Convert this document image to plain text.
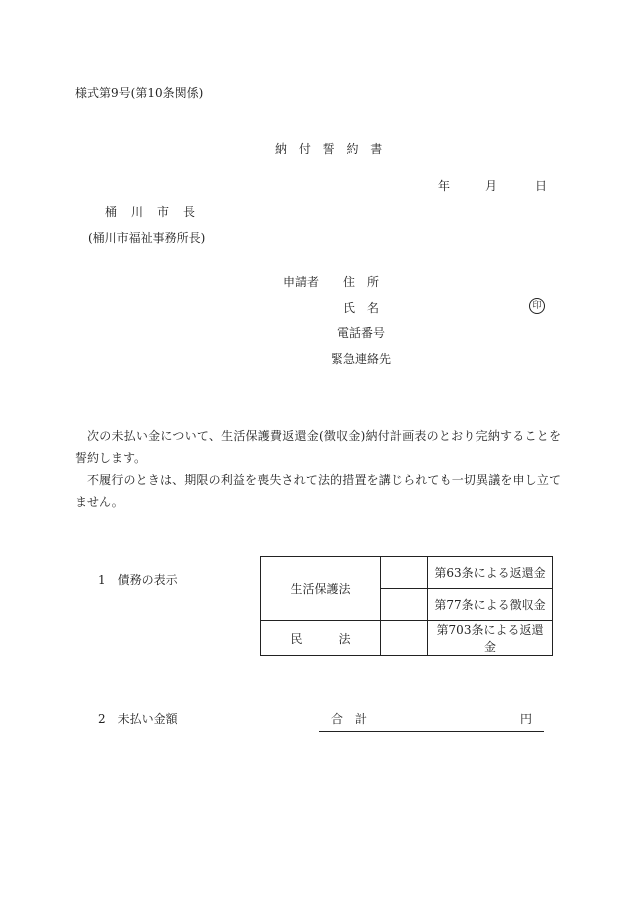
様式第9号(第10条関係)
納 付 誓 約 書
年	月	日
桶　川　市　長
(桶川市福祉事務所長)
申請者 住　所
氏　名	印
電話番号
緊急連絡先

次の未払い金について、生活保護費返還金(徴収金)納付計画表のとおり完納することを誓約します。

不履行のときは、期限の利益を喪失されて法的措置を講じられても一切異議を申し立てません。

1　債務の表示
生活保護法		第63条による返還金
		第77条による徴収金
民　　　法		第703条による返還金
2　未払い金額	合　計	円
